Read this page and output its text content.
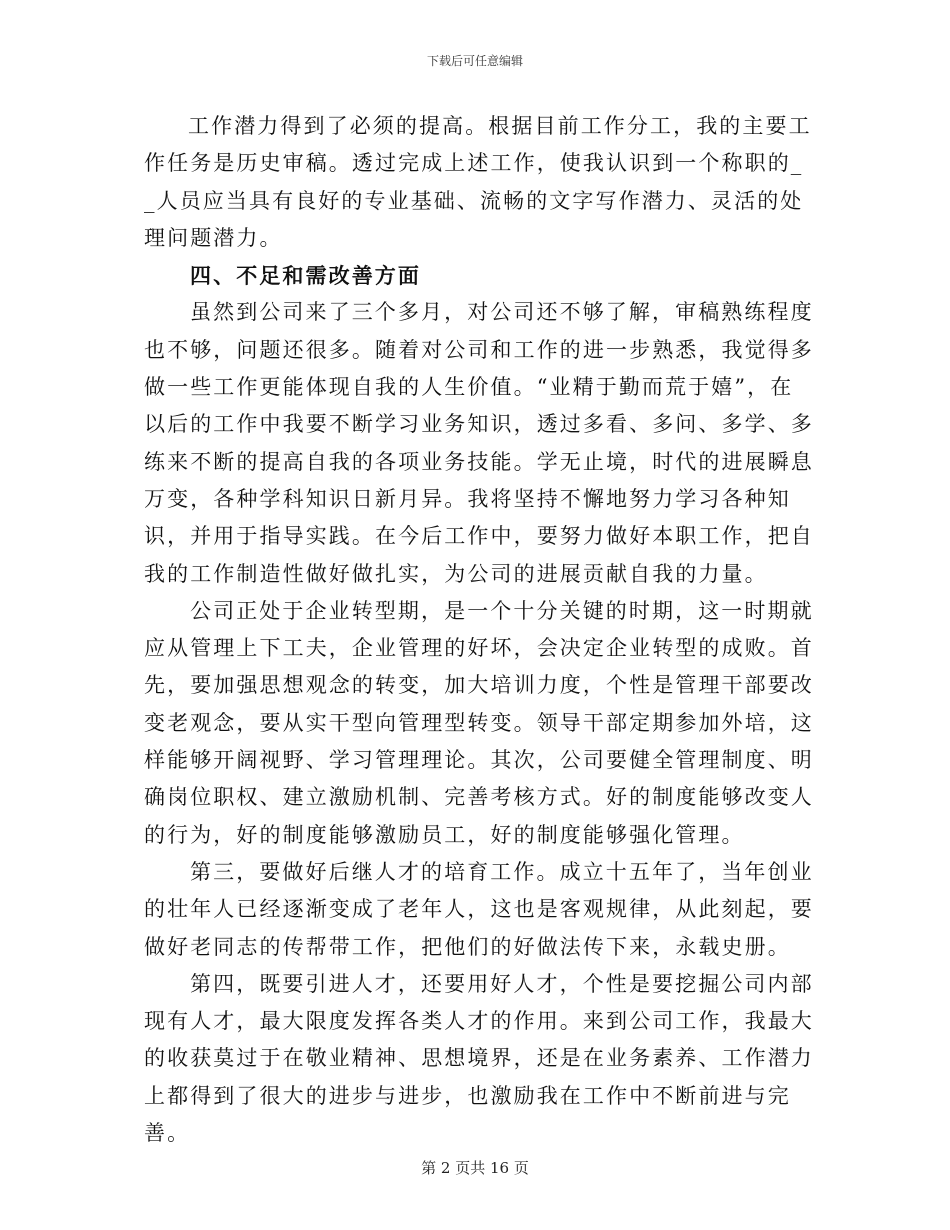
下载后可任意编辑

工作潜力得到了必须的提高。根据目前工作分工，我的主要工作任务是历史审稿。透过完成上述工作，使我认识到一个称职的__人员应当具有良好的专业基础、流畅的文字写作潜力、灵活的处理问题潜力。

四、不足和需改善方面

虽然到公司来了三个多月，对公司还不够了解，审稿熟练程度也不够，问题还很多。随着对公司和工作的进一步熟悉，我觉得多做一些工作更能体现自我的人生价值。“业精于勤而荒于嬉”，在以后的工作中我要不断学习业务知识，透过多看、多问、多学、多练来不断的提高自我的各项业务技能。学无止境，时代的进展瞬息万变，各种学科知识日新月异。我将坚持不懈地努力学习各种知识，并用于指导实践。在今后工作中，要努力做好本职工作，把自我的工作制造性做好做扎实，为公司的进展贡献自我的力量。

公司正处于企业转型期，是一个十分关键的时期，这一时期就应从管理上下工夫，企业管理的好坏，会决定企业转型的成败。首先，要加强思想观念的转变，加大培训力度，个性是管理干部要改变老观念，要从实干型向管理型转变。领导干部定期参加外培，这样能够开阔视野、学习管理理论。其次，公司要健全管理制度、明确岗位职权、建立激励机制、完善考核方式。好的制度能够改变人的行为，好的制度能够激励员工，好的制度能够强化管理。

第三，要做好后继人才的培育工作。成立十五年了，当年创业的壮年人已经逐渐变成了老年人，这也是客观规律，从此刻起，要做好老同志的传帮带工作，把他们的好做法传下来，永载史册。

第四，既要引进人才，还要用好人才，个性是要挖掘公司内部现有人才，最大限度发挥各类人才的作用。来到公司工作，我最大的收获莫过于在敬业精神、思想境界，还是在业务素养、工作潜力上都得到了很大的进步与进步，也激励我在工作中不断前进与完善。

第 2 页共 16 页
